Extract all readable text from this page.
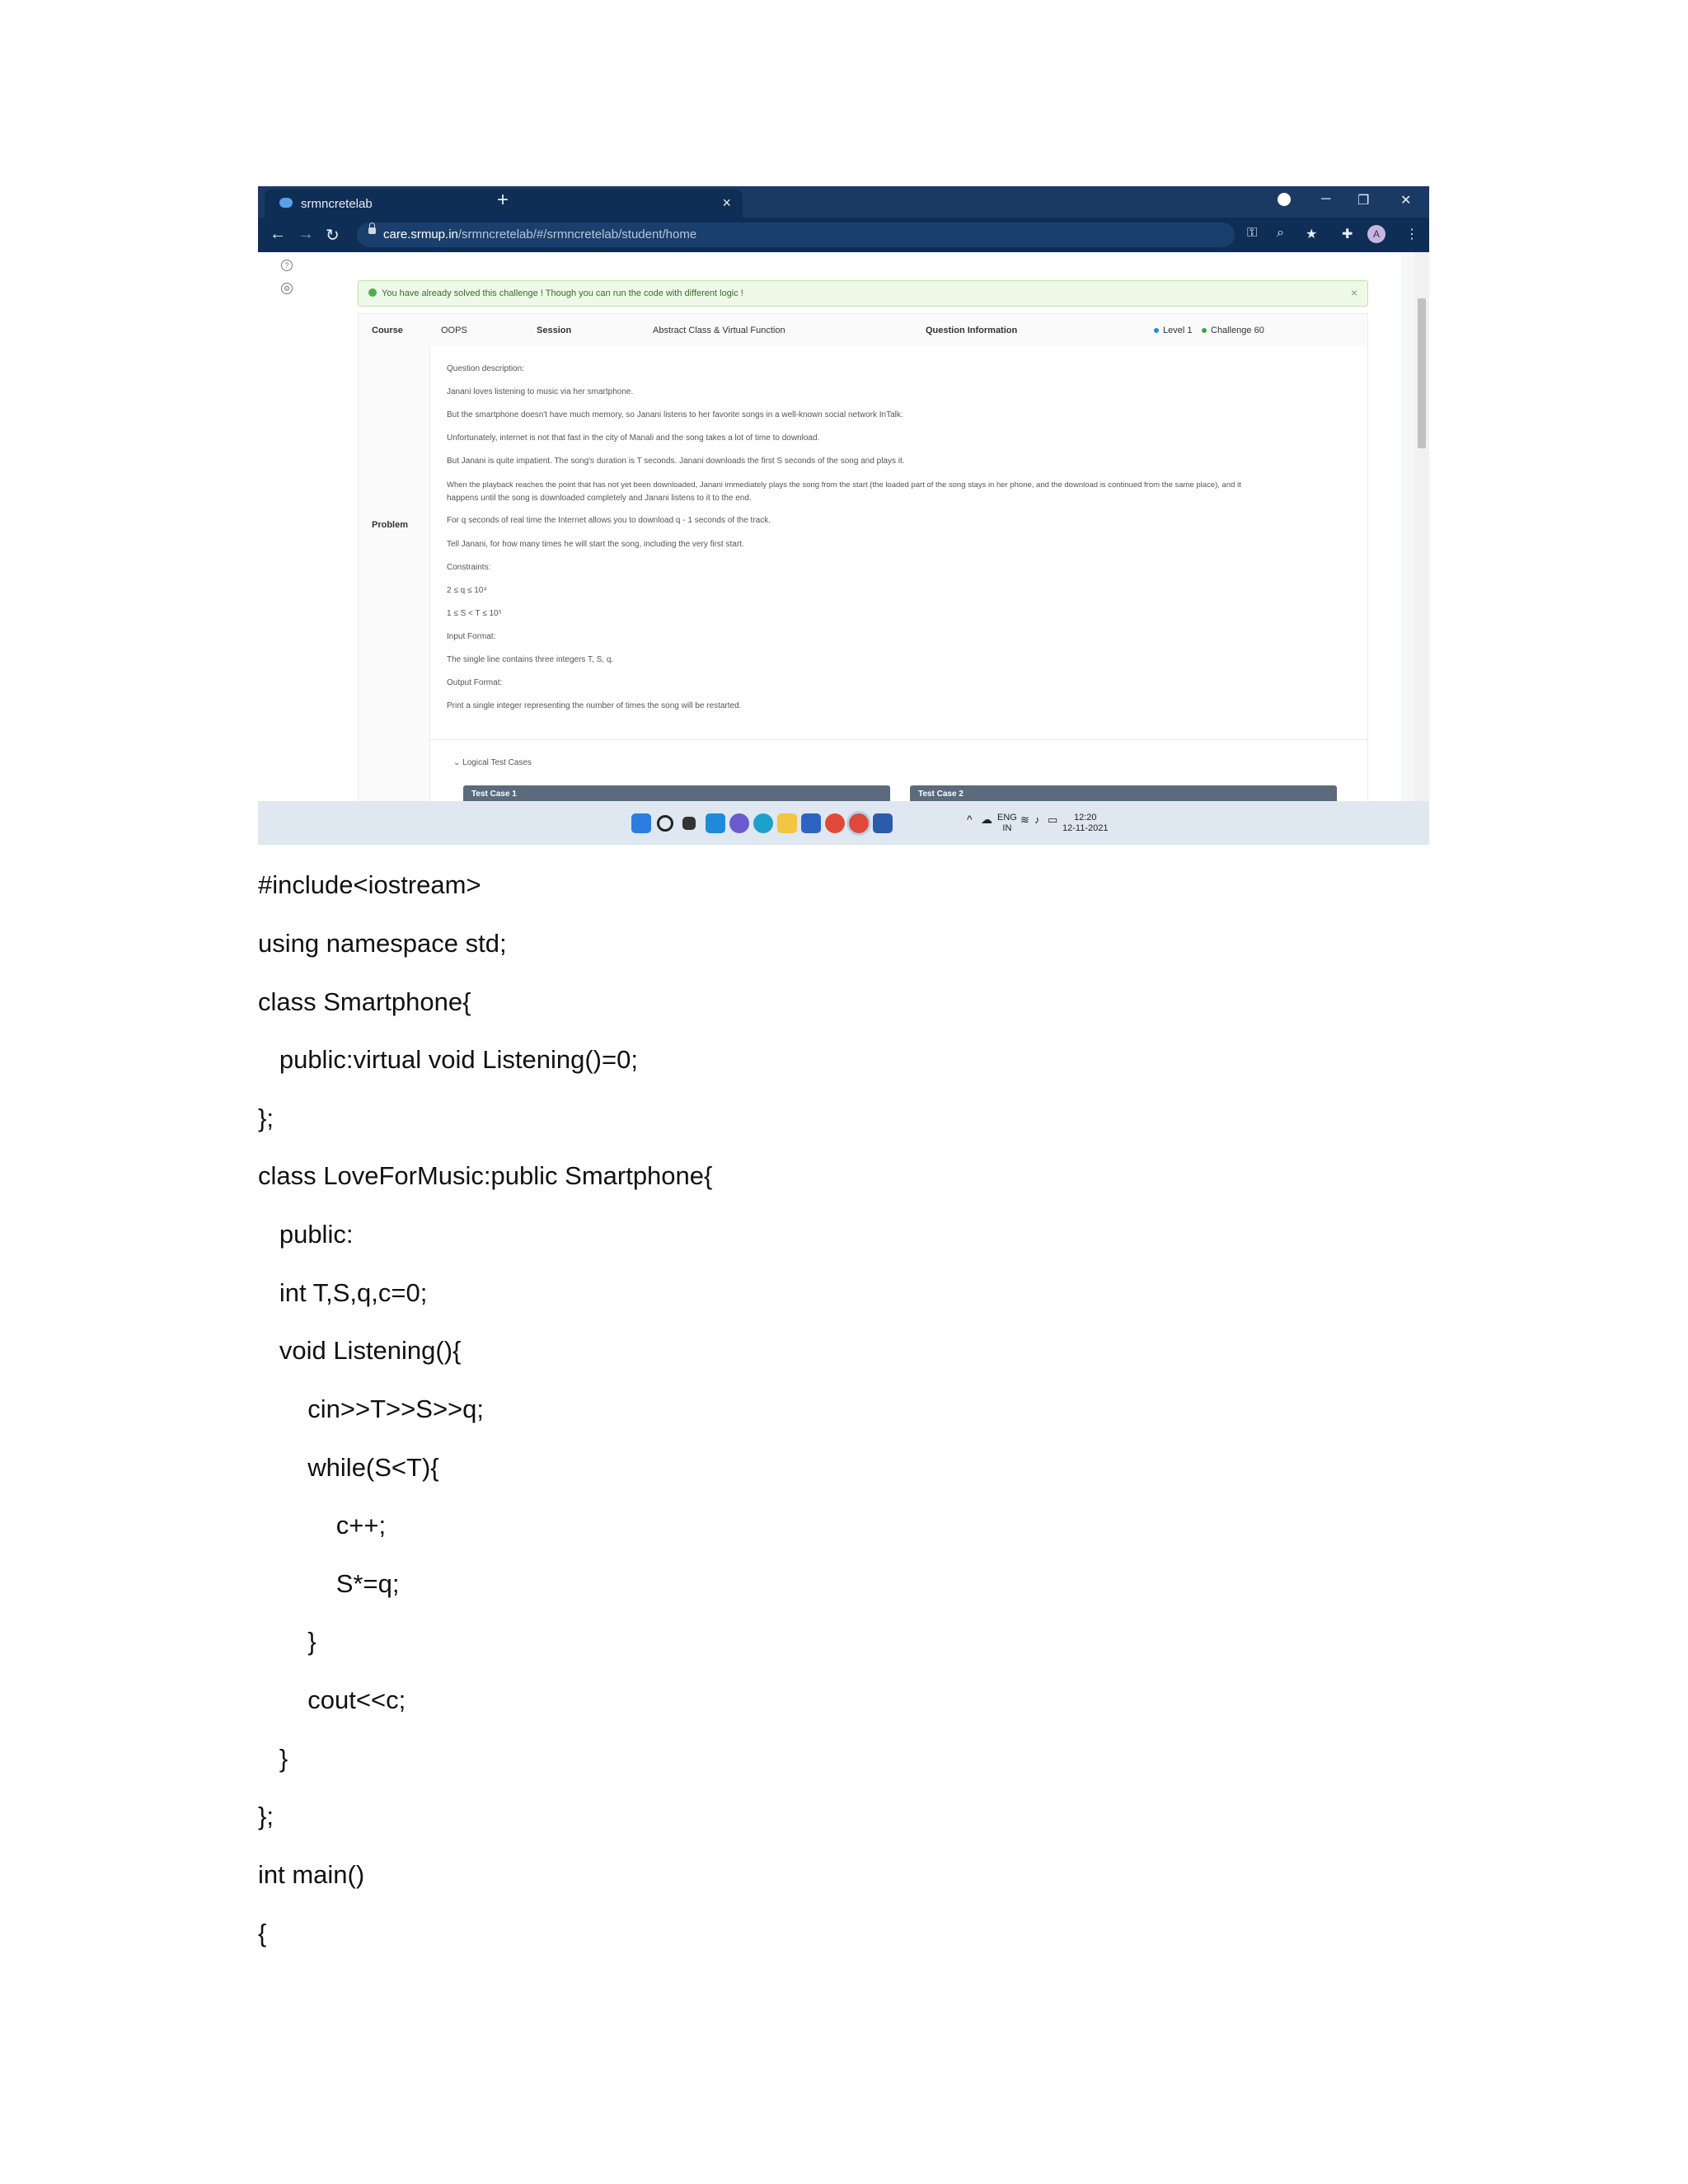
srmncretelab	×
+	─ ❐ ✕
← → ↻	care.srmup.in/srmncretelab/#/srmncretelab/student/home	⚿ ⌕ ★ ✚	A	⋮
?
⚙	You have already solved this challenge ! Though you can run the code with different logic !	×
Course	OOPS	Session	Abstract Class & Virtual Function	Question Information	Level 1	Challenge 60
Problem
Question description:
Janani loves listening to music via her smartphone.
But the smartphone doesn't have much memory, so Janani listens to her favorite songs in a well-known social network InTalk.
Unfortunately, internet is not that fast in the city of Manali and the song takes a lot of time to download.
But Janani is quite impatient. The song's duration is T seconds. Janani downloads the first S seconds of the song and plays it.
When the playback reaches the point that has not yet been downloaded, Janani immediately plays the song from the start (the loaded part of the song stays in her phone, and the download is continued from the same place), and it
happens until the song is downloaded completely and Janani listens to it to the end.
For q seconds of real time the Internet allows you to download q - 1 seconds of the track.
Tell Janani, for how many times he will start the song, including the very first start.
Constraints:
2 ≤ q ≤ 10⁴
1 ≤ S < T ≤ 10⁵
Input Format:
The single line contains three integers T, S, q.
Output Format:
Print a single integer representing the number of times the song will be restarted.
⌄ Logical Test Cases
Test Case 1	Test Case 2
^ ☁ ENG
IN
≋ ♪ ▭	12:20
12-11-2021
#include<iostream>
using namespace std;
class Smartphone{
public:virtual void Listening()=0;
};
class LoveForMusic:public Smartphone{
public:
int T,S,q,c=0;
void Listening(){
cin>>T>>S>>q;
while(S<T){
c++;
S*=q;
}
cout<<c;
}
};
int main()
{
